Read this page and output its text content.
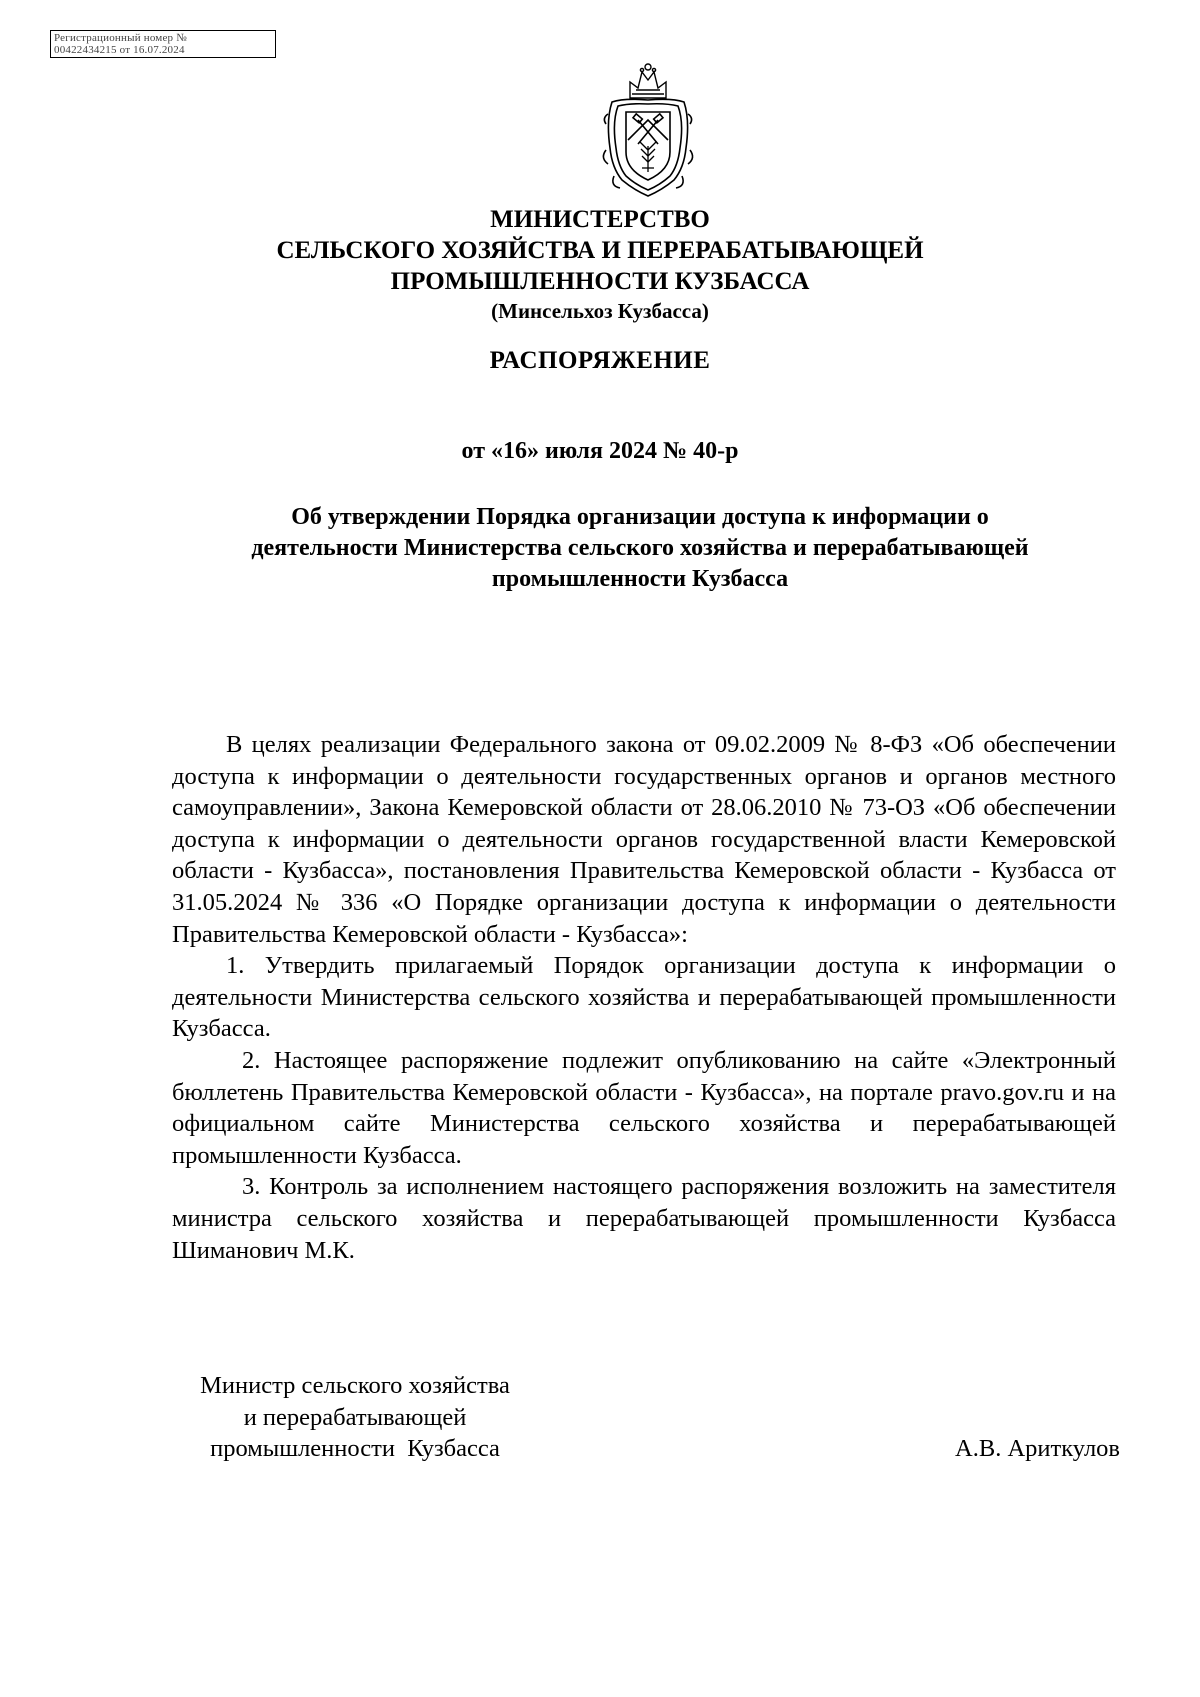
Регистрационный номер №
00422434215 от 16.07.2024
МИНИСТЕРСТВО
СЕЛЬСКОГО ХОЗЯЙСТВА И ПЕРЕРАБАТЫВАЮЩЕЙ
ПРОМЫШЛЕННОСТИ КУЗБАССА
(Минсельхоз Кузбасса)
РАСПОРЯЖЕНИЕ
от «16» июля 2024 № 40-р
Об утверждении Порядка организации доступа к информации о
деятельности Министерства сельского хозяйства и перерабатывающей
промышленности Кузбасса

В целях реализации Федерального закона от 09.02.2009 № 8-ФЗ «Об обеспечении доступа к информации о деятельности государственных органов и органов местного самоуправлении», Закона Кемеровской области от 28.06.2010 № 73-ОЗ «Об обеспечении доступа к информации о деятельности органов государственной власти Кемеровской области - Кузбасса», постановления Правительства Кемеровской области - Кузбасса от 31.05.2024 № 336 «О Порядке организации доступа к информации о деятельности Правительства Кемеровской области - Кузбасса»:

1. Утвердить прилагаемый Порядок организации доступа к информации о деятельности Министерства сельского хозяйства и перерабатывающей промышленности Кузбасса.

2. Настоящее распоряжение подлежит опубликованию на сайте «Электронный бюллетень Правительства Кемеровской области - Кузбасса», на портале pravo.gov.ru и на официальном сайте Министерства сельского хозяйства и перерабатывающей промышленности Кузбасса.

3. Контроль за исполнением настоящего распоряжения возложить на заместителя министра сельского хозяйства и перерабатывающей промышленности Кузбасса Шиманович М.К.

Министр сельского хозяйства
и перерабатывающей
промышленности  Кузбасса	А.В. Ариткулов
